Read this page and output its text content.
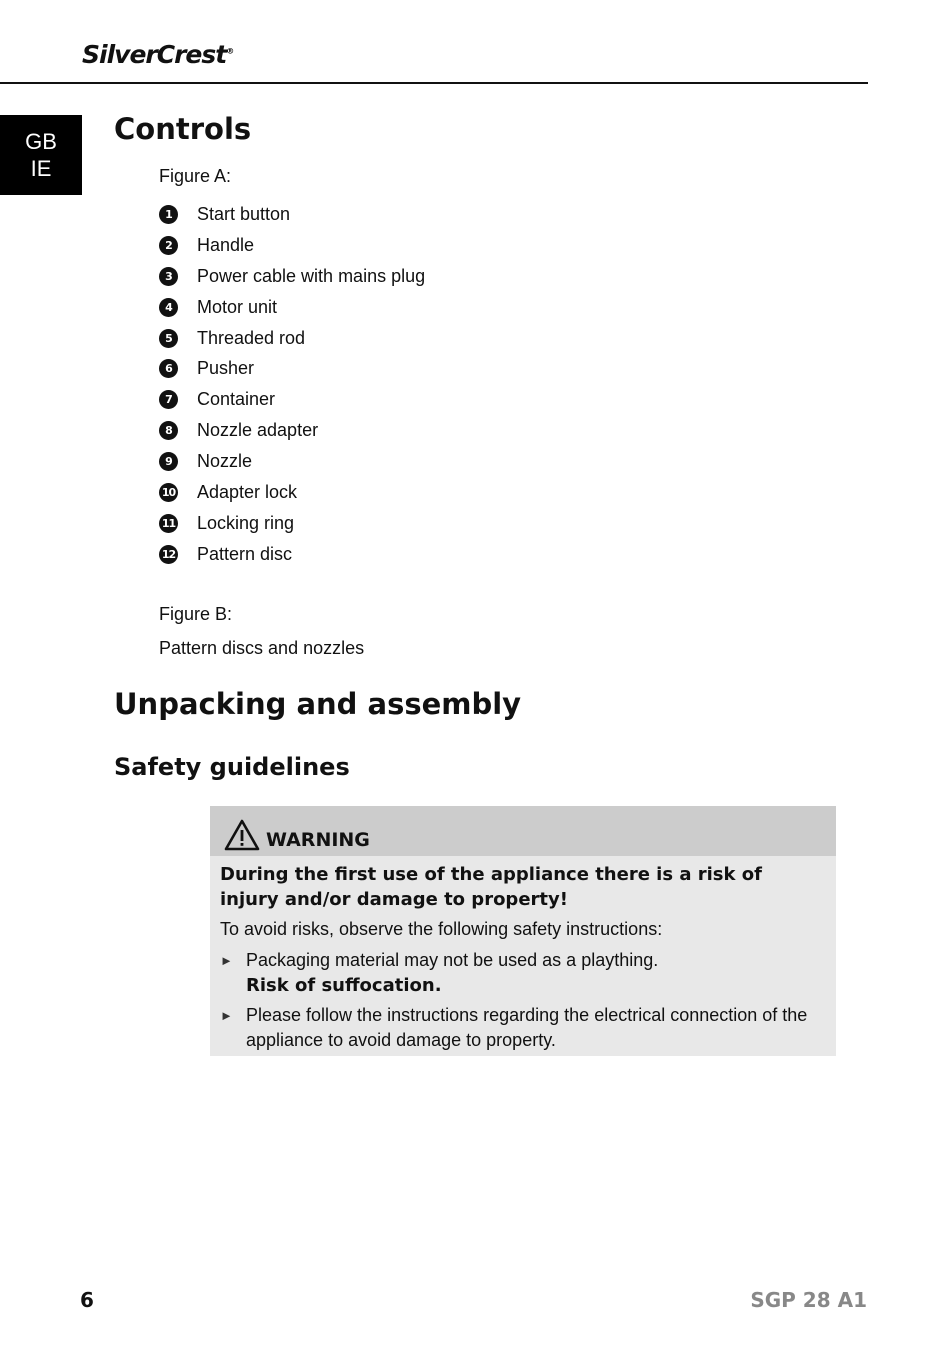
SilverCrest®
GB
IE
Controls
Figure A:
1	Start button
2	Handle
3	Power cable with mains plug
4	Motor unit
5	Threaded rod
6	Pusher
7	Container
8	Nozzle adapter
9	Nozzle
10 Adapter lock
11 Locking ring
12 Pattern disc
Figure B:
Pattern discs and nozzles
Unpacking and assembly
Safety guidelines
WARNING

During the first use of the appliance there is a risk of injury and/or damage to property!

To avoid risks, observe the following safety instructions:

► Packaging material may not be used as a plaything.
Risk of suffocation.
► Please follow the instructions regarding the electrical connection of the appliance to avoid damage to property.
6	SGP 28 A1
